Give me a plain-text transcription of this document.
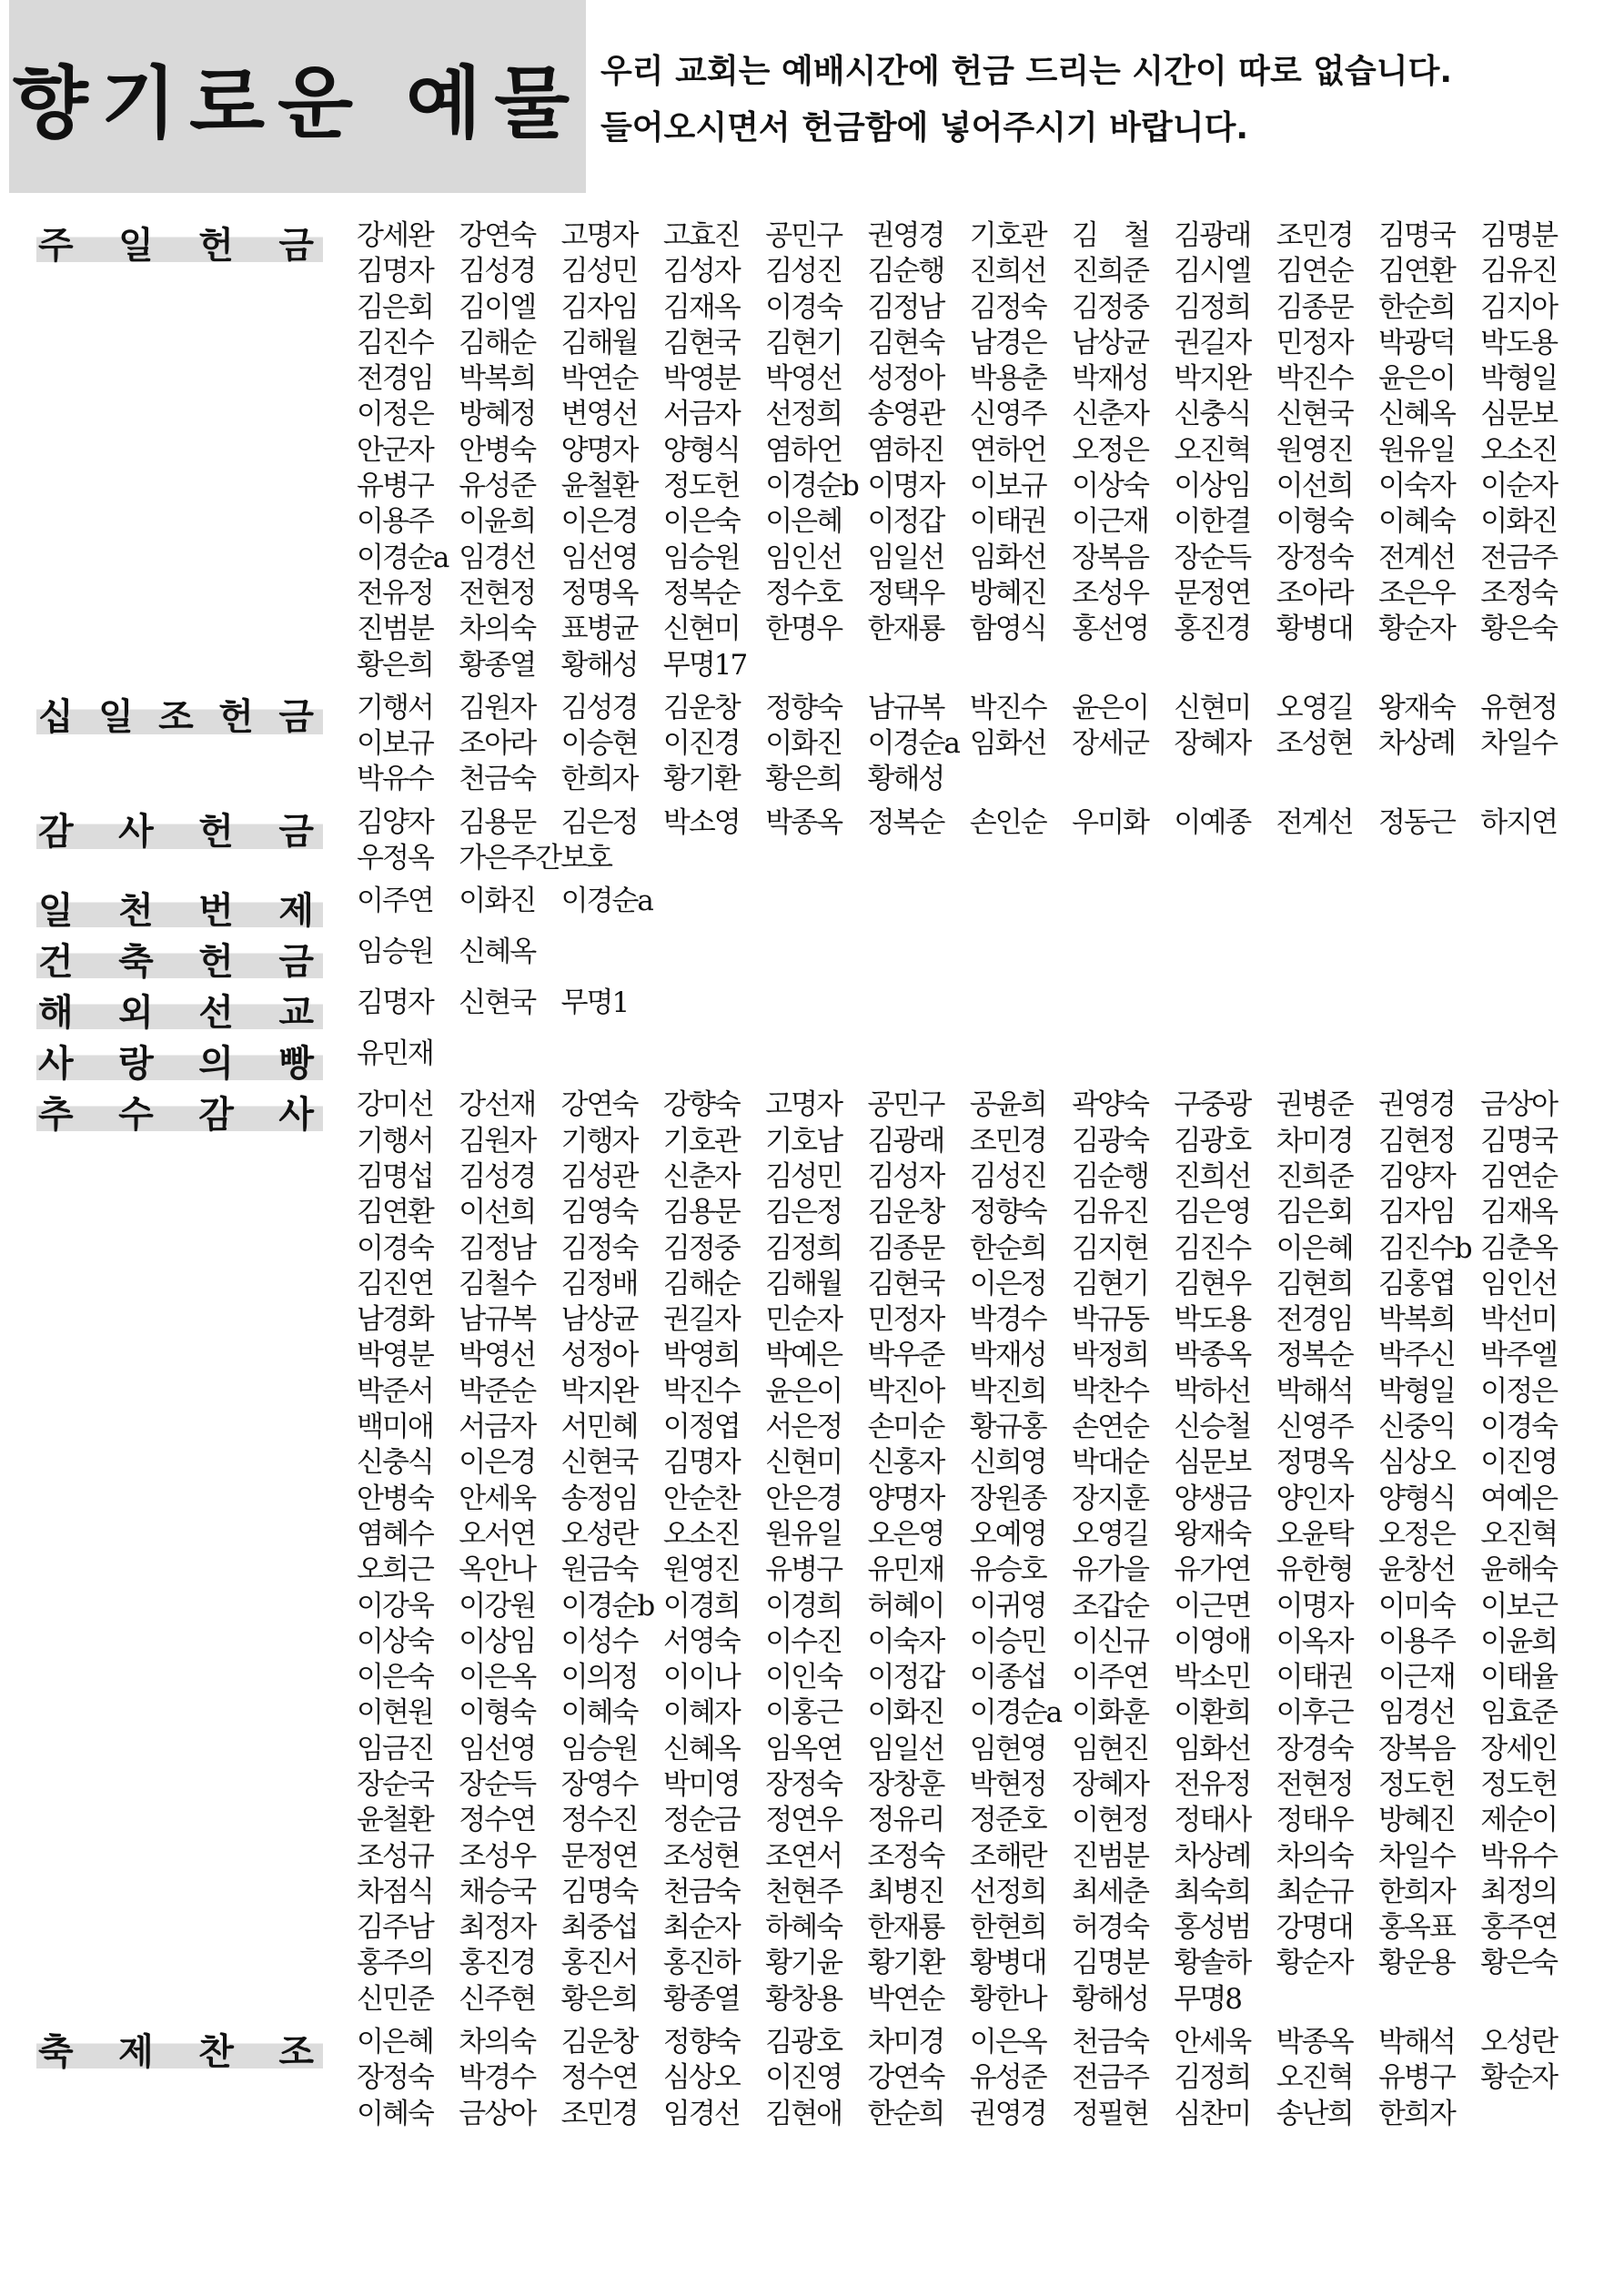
향기로운 예물 우리 교회는 예배시간에 헌금 드리는 시간이 따로 없습니다.
들어오시면서 헌금함에 넣어주시기 바랍니다.
주 일 헌 금 강세완 강연숙 고명자 고효진 공민구 권영경 기호관 김　철 김광래 조민경 김명국 김명분
김명자 김성경 김성민 김성자 김성진 김순행 진희선 진희준 김시엘 김연순 김연환 김유진
김은회 김이엘 김자임 김재옥 이경숙 김정남 김정숙 김정중 김정희 김종문 한순희 김지아
김진수 김해순 김해월 김현국 김현기 김현숙 남경은 남상균 권길자 민정자 박광덕 박도용
전경임 박복희 박연순 박영분 박영선 성정아 박용춘 박재성 박지완 박진수 윤은이 박형일
이정은 방혜정 변영선 서금자 선정희 송영관 신영주 신춘자 신충식 신현국 신혜옥 심문보
안군자 안병숙 양명자 양형식 염하언 염하진 연하언 오정은 오진혁 원영진 원유일 오소진
유병구 유성준 윤철환 정도헌 이경순b 이명자 이보규 이상숙 이상임 이선희 이숙자 이순자
이용주 이윤희 이은경 이은숙 이은혜 이정갑 이태권 이근재 이한결 이형숙 이혜숙 이화진
이경순a 임경선 임선영 임승원 임인선 임일선 임화선 장복음 장순득 장정숙 전계선 전금주
전유정 전현정 정명옥 정복순 정수호 정택우 방혜진 조성우 문정연 조아라 조은우 조정숙
진범분 차의숙 표병균 신현미 한명우 한재룡 함영식 홍선영 홍진경 황병대 황순자 황은숙
황은희 황종열 황해성 무명17
십 일 조 헌 금 기행서 김원자 김성경 김운창 정향숙 남규복 박진수 윤은이 신현미 오영길 왕재숙 유현정
이보규 조아라 이승현 이진경 이화진 이경순a 임화선 장세군 장혜자 조성현 차상례 차일수
박유수 천금숙 한희자 황기환 황은희 황해성
감 사 헌 금 김양자 김용문 김은정 박소영 박종옥 정복순 손인순 우미화 이예종 전계선 정동근 하지연
우정옥 가은주간보호
일 천 번 제 이주연 이화진 이경순a
건 축 헌 금 임승원 신혜옥
해 외 선 교 김명자 신현국 무명1
사 랑 의 빵 유민재
추 수 감 사 강미선 강선재 강연숙 강향숙 고명자 공민구 공윤희 곽양숙 구중광 권병준 권영경 금상아
기행서 김원자 기행자 기호관 기호남 김광래 조민경 김광숙 김광호 차미경 김현정 김명국
김명섭 김성경 김성관 신춘자 김성민 김성자 김성진 김순행 진희선 진희준 김양자 김연순
김연환 이선희 김영숙 김용문 김은정 김운창 정향숙 김유진 김은영 김은회 김자임 김재옥
이경숙 김정남 김정숙 김정중 김정희 김종문 한순희 김지현 김진수 이은혜 김진수b 김춘옥
김진연 김철수 김정배 김해순 김해월 김현국 이은정 김현기 김현우 김현희 김홍엽 임인선
남경화 남규복 남상균 권길자 민순자 민정자 박경수 박규동 박도용 전경임 박복희 박선미
박영분 박영선 성정아 박영희 박예은 박우준 박재성 박정희 박종옥 정복순 박주신 박주엘
박준서 박준순 박지완 박진수 윤은이 박진아 박진희 박찬수 박하선 박해석 박형일 이정은
백미애 서금자 서민혜 이정엽 서은정 손미순 황규홍 손연순 신승철 신영주 신중익 이경숙
신충식 이은경 신현국 김명자 신현미 신홍자 신희영 박대순 심문보 정명옥 심상오 이진영
안병숙 안세욱 송정임 안순찬 안은경 양명자 장원종 장지훈 양생금 양인자 양형식 여예은
염혜수 오서연 오성란 오소진 원유일 오은영 오예영 오영길 왕재숙 오윤탁 오정은 오진혁
오희근 옥안나 원금숙 원영진 유병구 유민재 유승호 유가을 유가연 유한형 윤창선 윤해숙
이강욱 이강원 이경순b 이경희 이경희 허혜이 이귀영 조갑순 이근면 이명자 이미숙 이보근
이상숙 이상임 이성수 서영숙 이수진 이숙자 이승민 이신규 이영애 이옥자 이용주 이윤희
이은숙 이은옥 이의정 이이나 이인숙 이정갑 이종섭 이주연 박소민 이태권 이근재 이태율
이현원 이형숙 이혜숙 이혜자 이홍근 이화진 이경순a 이화훈 이환희 이후근 임경선 임효준
임금진 임선영 임승원 신혜옥 임옥연 임일선 임현영 임현진 임화선 장경숙 장복음 장세인
장순국 장순득 장영수 박미영 장정숙 장창훈 박현정 장혜자 전유정 전현정 정도헌 정도헌
윤철환 정수연 정수진 정순금 정연우 정유리 정준호 이현정 정태사 정태우 방혜진 제순이
조성규 조성우 문정연 조성현 조연서 조정숙 조해란 진범분 차상례 차의숙 차일수 박유수
차점식 채승국 김명숙 천금숙 천현주 최병진 선정희 최세춘 최숙희 최순규 한희자 최정의
김주남 최정자 최중섭 최순자 하혜숙 한재룡 한현희 허경숙 홍성범 강명대 홍옥표 홍주연
홍주의 홍진경 홍진서 홍진하 황기윤 황기환 황병대 김명분 황솔하 황순자 황운용 황은숙
신민준 신주현 황은희 황종열 황창용 박연순 황한나 황해성 무명8
축 제 찬 조 이은혜 차의숙 김운창 정향숙 김광호 차미경 이은옥 천금숙 안세욱 박종옥 박해석 오성란
장정숙 박경수 정수연 심상오 이진영 강연숙 유성준 전금주 김정희 오진혁 유병구 황순자
이혜숙 금상아 조민경 임경선 김현애 한순희 권영경 정필현 심찬미 송난희 한희자
